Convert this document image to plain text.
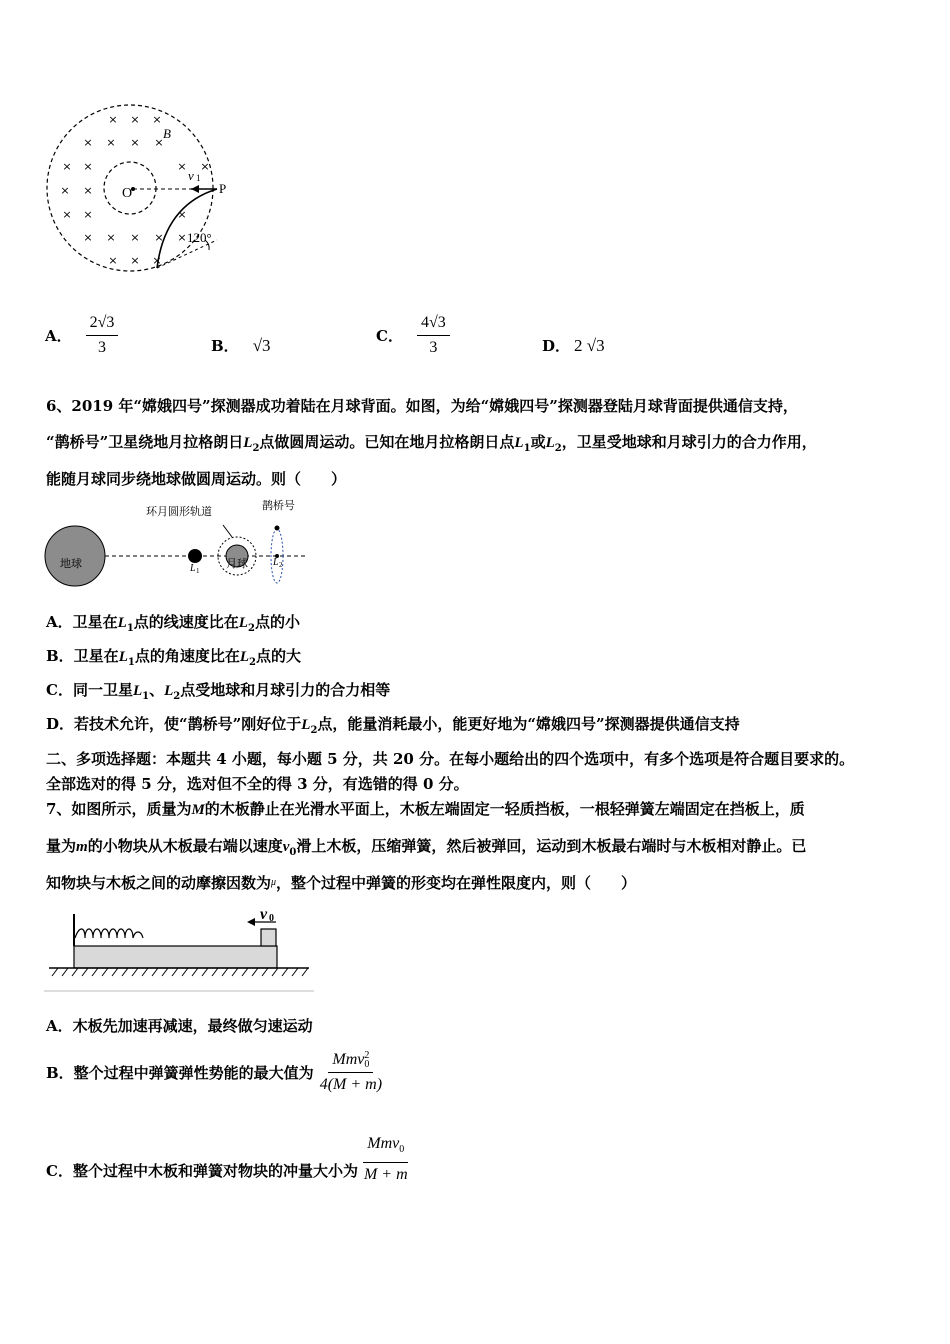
× × ×
× × × ×
× ×	× ×
× ×
× ×	×
× × × × ×
× × ×
B
v 1
O	P
120°
A． $\frac{2√3}{3}$	B． √3	C． $\frac{4√3}{3}$	D． 2 √3
6、2019 年“嫦娥四号”探测器成功着陆在月球背面。如图，为给“嫦娥四号”探测器登陆月球背面提供通信支持，
“鹊桥号”卫星绕地月拉格朗日$L_2$点做圆周运动。已知在地月拉格朗日点$L_1$或$L_2$，卫星受地球和月球引力的合力作用，
能随月球同步绕地球做圆周运动。则（　　）
环月圆形轨道	鹊桥号
地球	月球
L 1
L 2
A．卫星在$L_1$点的线速度比在$L_2$点的小
B．卫星在$L_1$点的角速度比在$L_2$点的大
C．同一卫星$L_1$、$L_2$点受地球和月球引力的合力相等
D．若技术允许，使“鹊桥号”刚好位于$L_2$点，能量消耗最小，能更好地为“嫦娥四号”探测器提供通信支持
二、多项选择题：本题共 4 小题，每小题 5 分，共 20 分。在每小题给出的四个选项中，有多个选项是符合题目要求的。
全部选对的得 5 分，选对但不全的得 3 分，有选错的得 0 分。
7、如图所示，质量为M的木板静止在光滑水平面上，木板左端固定一轻质挡板，一根轻弹簧左端固定在挡板上，质
量为m的小物块从木板最右端以速度$v_0$滑上木板，压缩弹簧，然后被弹回，运动到木板最右端时与木板相对静止。已
知物块与木板之间的动摩擦因数为$^\mu$，整个过程中弹簧的形变均在弹性限度内，则（　　）
v 0
A．木板先加速再减速，最终做匀速运动
B．整个过程中弹簧弹性势能的最大值为 Mmv 2
0
4(M + m)
C．整个过程中木板和弹簧对物块的冲量大小为 $\frac{Mmv_0}{M + m}$
